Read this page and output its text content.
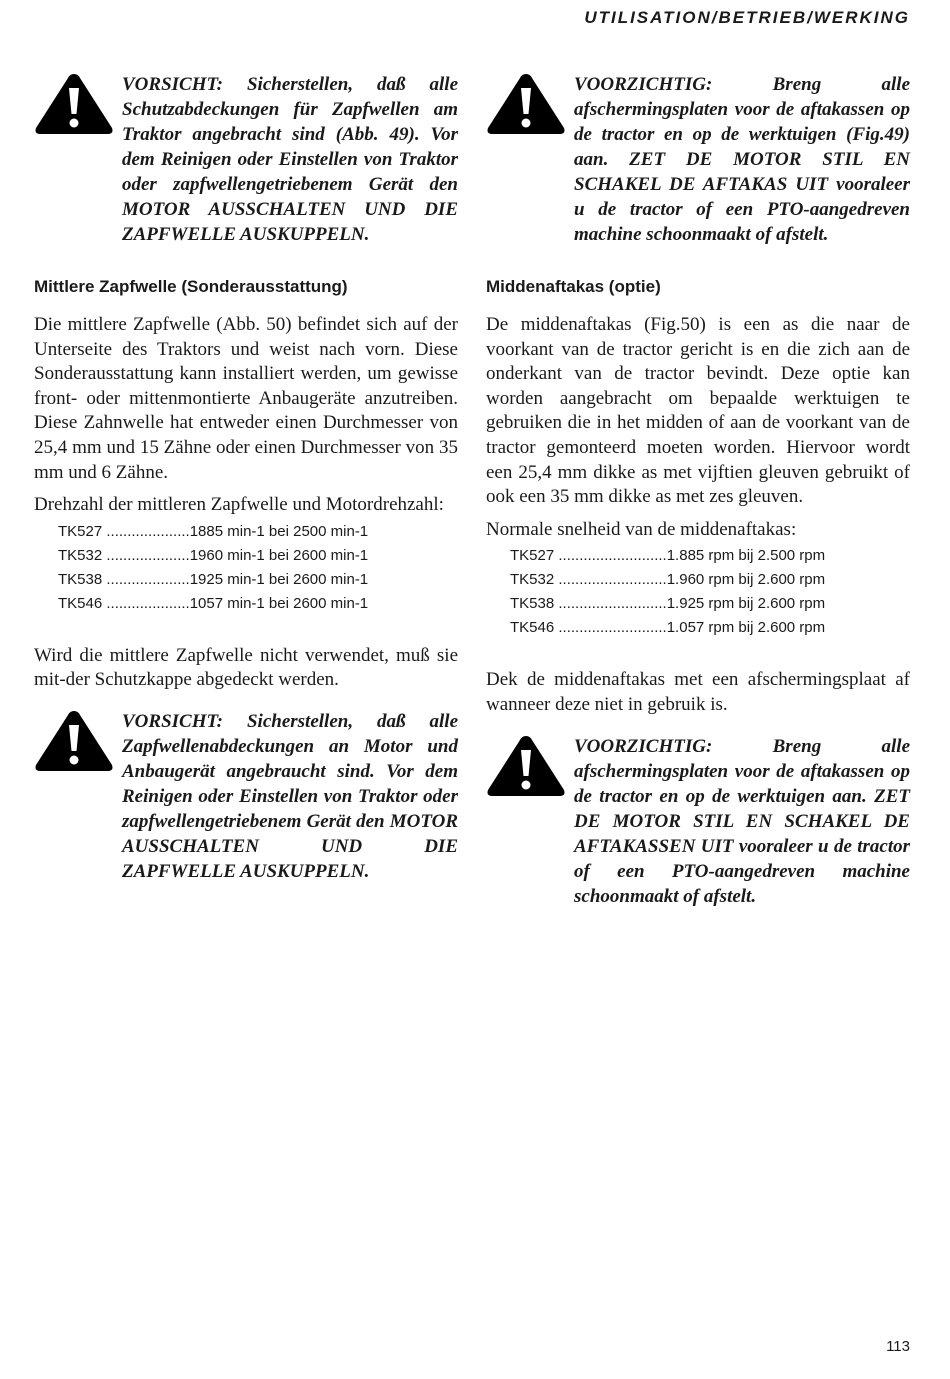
UTILISATION/BETRIEB/WERKING

VORSICHT: Sicherstellen, daß alle Schutzabdeckungen für Zapfwellen am Traktor angebracht sind (Abb. 49). Vor dem Reinigen oder Einstellen von Traktor oder zapfwellengetriebenem Gerät den MOTOR AUSSCHALTEN UND DIE ZAPFWELLE AUSKUPPELN.

Mittlere Zapfwelle (Sonderausstattung)

Die mittlere Zapfwelle (Abb. 50) befindet sich auf der Unterseite des Traktors und weist nach vorn. Diese Sonderausstattung kann installiert werden, um gewisse front- oder mittenmontierte Anbaugeräte anzutreiben. Diese Zahnwelle hat entweder einen Durchmesser von 25,4 mm und 15 Zähne oder einen Durchmesser von 35 mm und 6 Zähne.

Drehzahl der mittleren Zapfwelle und Motordrehzahl:

TK527 ....................1885 min-1 bei 2500 min-1
TK532 ....................1960 min-1 bei 2600 min-1
TK538 ....................1925 min-1 bei 2600 min-1
TK546 ....................1057 min-1 bei 2600 min-1

Wird die mittlere Zapfwelle nicht verwendet, muß sie mit-der Schutzkappe abgedeckt werden.

VORSICHT: Sicherstellen, daß alle Zapfwellenabdeckungen an Motor und Anbaugerät angebraucht sind. Vor dem Reinigen oder Einstellen von Traktor oder zapfwellengetriebenem Gerät den MOTOR AUSSCHALTEN UND DIE ZAPFWELLE AUSKUPPELN.

VOORZICHTIG:	Breng alle afschermingsplaten voor de aftakassen op de tractor en op de werktuigen (Fig.49) aan. ZET DE MOTOR STIL EN SCHAKEL DE AFTAKAS UIT vooraleer u de tractor of een PTO-aangedreven machine schoonmaakt of afstelt.

Middenaftakas (optie)

De middenaftakas (Fig.50) is een as die naar de voorkant van de tractor gericht is en die zich aan de onderkant van de tractor bevindt. Deze optie kan worden aangebracht om bepaalde werktuigen te gebruiken die in het midden of aan de voorkant van de tractor gemonteerd moeten worden. Hiervoor wordt een 25,4 mm dikke as met vijftien gleuven gebruikt of ook een 35 mm dikke as met zes gleuven.

Normale snelheid van de middenaftakas:

TK527 ..........................1.885 rpm bij 2.500 rpm
TK532 ..........................1.960 rpm bij 2.600 rpm
TK538 ..........................1.925 rpm bij 2.600 rpm
TK546 ..........................1.057 rpm bij 2.600 rpm

Dek de middenaftakas met een afschermingsplaat af wanneer deze niet in gebruik is.

VOORZICHTIG:	Breng alle afschermingsplaten voor de aftakassen op de tractor en op de werktuigen aan. ZET DE MOTOR STIL EN SCHAKEL DE AFTAKASSEN UIT vooraleer u de tractor of een PTO-aangedreven machine schoonmaakt of afstelt.

113
